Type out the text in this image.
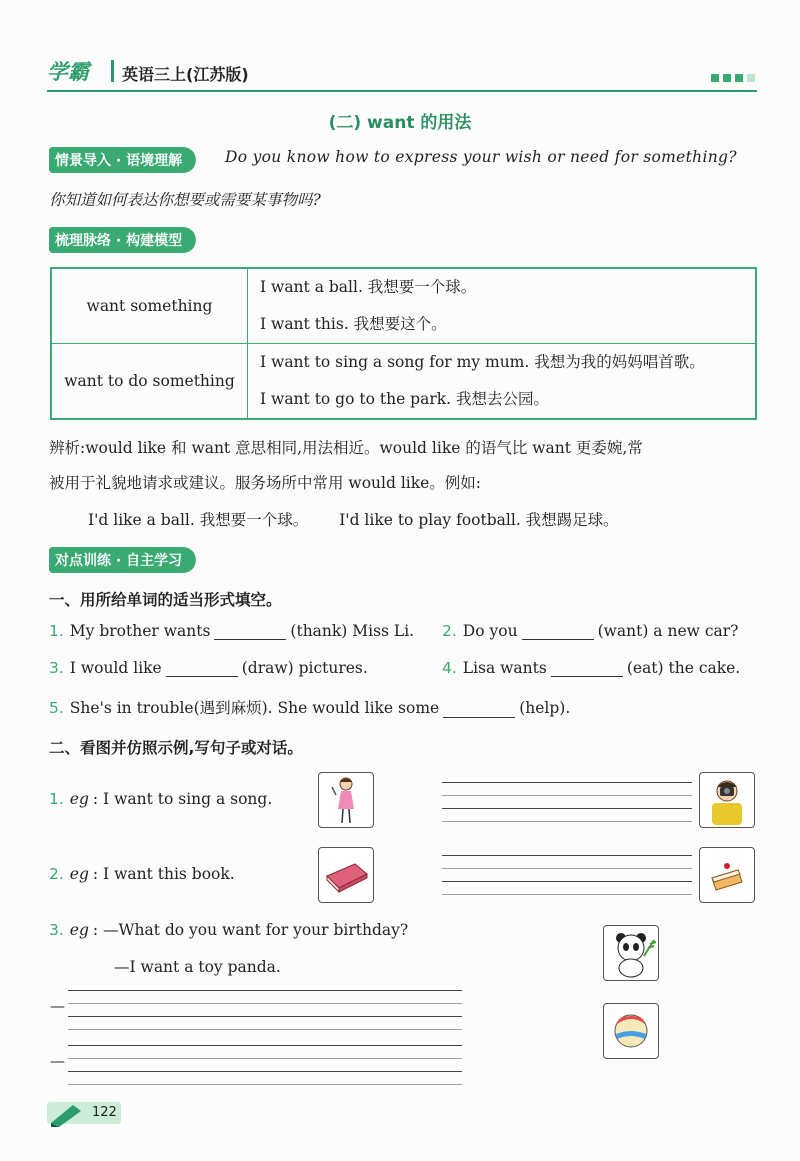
学霸 英语三上(江苏版)
(二) want 的用法
情景导入 · 语境理解	Do you know how to express your wish or need for something?
你知道如何表达你想要或需要某事物吗?
梳理脉络 · 构建模型
want something	I want a ball. 我想要一个球。
I want this. 我想要这个。

want to do something	I want to sing a song for my mum. 我想为我的妈妈唱首歌。
I want to go to the park. 我想去公园。
辨析:would like 和 want 意思相同,用法相近。would like 的语气比 want 更委婉,常
被用于礼貌地请求或建议。服务场所中常用 would like。例如:
I'd like a ball. 我想要一个球。 I'd like to play football. 我想踢足球。
对点训练 · 自主学习
一、用所给单词的适当形式填空。
1. My brother wants	(thank) Miss Li. 2. Do you	(want) a new car?
3. I would like	(draw) pictures.	4. Lisa wants	(eat) the cake.
5. She's in trouble(遇到麻烦). She would like some	(help).
二、看图并仿照示例,写句子或对话。
1. eg : I want to sing a song.
2. eg : I want this book.
3. eg : —What do you want for your birthday?
—I want a toy panda.
—
—
122
